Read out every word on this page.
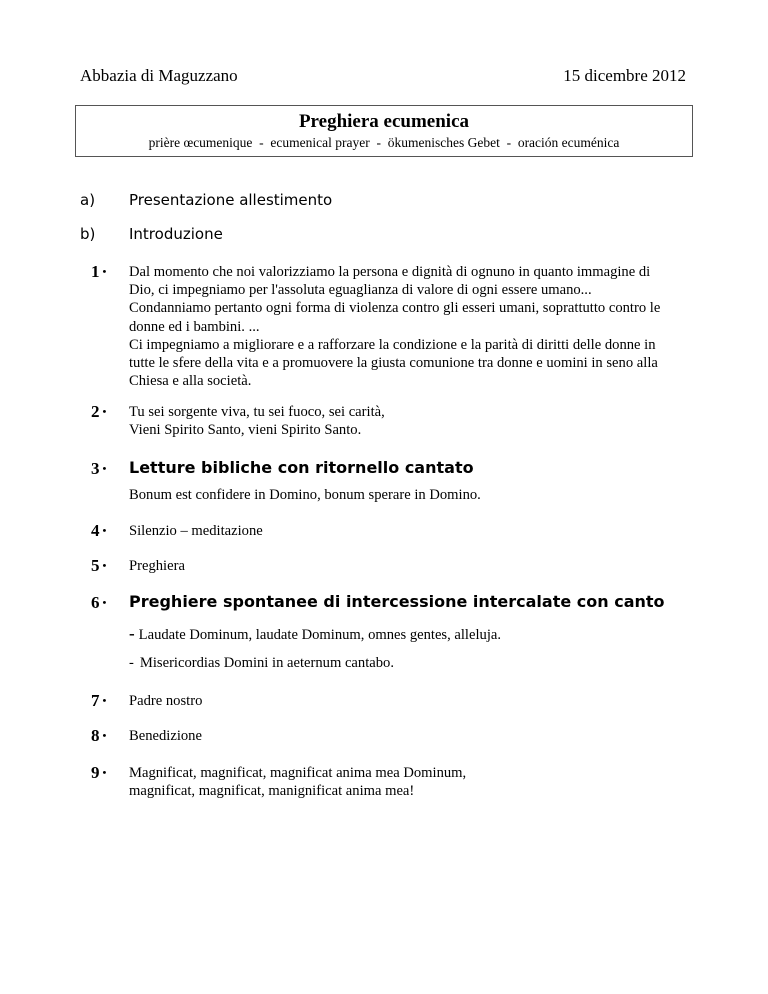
Abbazia di Maguzzano	15 dicembre 2012
Preghiera ecumenica
prière œcumenique  -  ecumenical prayer  -  ökumenisches Gebet  -  oración ecuménica
a) Presentazione allestimento
b) Introduzione
1 • Dal momento che noi valorizziamo la persona e dignità di ognuno in quanto immagine di
Dio, ci impegniamo per l'assoluta eguaglianza di valore di ogni essere umano...
Condanniamo pertanto ogni forma di violenza contro gli esseri umani, soprattutto contro le
donne ed i bambini. ...
Ci impegniamo a migliorare e a rafforzare la condizione e la parità di diritti delle donne in
tutte le sfere della vita e a promuovere la giusta comunione tra donne e uomini in seno alla
Chiesa e alla società.
2 • Tu sei sorgente viva, tu sei fuoco, sei carità,
Vieni Spirito Santo, vieni Spirito Santo.
3 • Letture bibliche con ritornello cantato
Bonum est confidere in Domino, bonum sperare in Domino.
4 • Silenzio – meditazione
5 • Preghiera
6 • Preghiere spontanee di intercessione intercalate con canto
- Laudate Dominum, laudate Dominum, omnes gentes, alleluja.
- Misericordias Domini in aeternum cantabo.
7 • Padre nostro
8 • Benedizione
9 • Magnificat, magnificat, magnificat anima mea Dominum,
magnificat, magnificat, manignificat anima mea!
